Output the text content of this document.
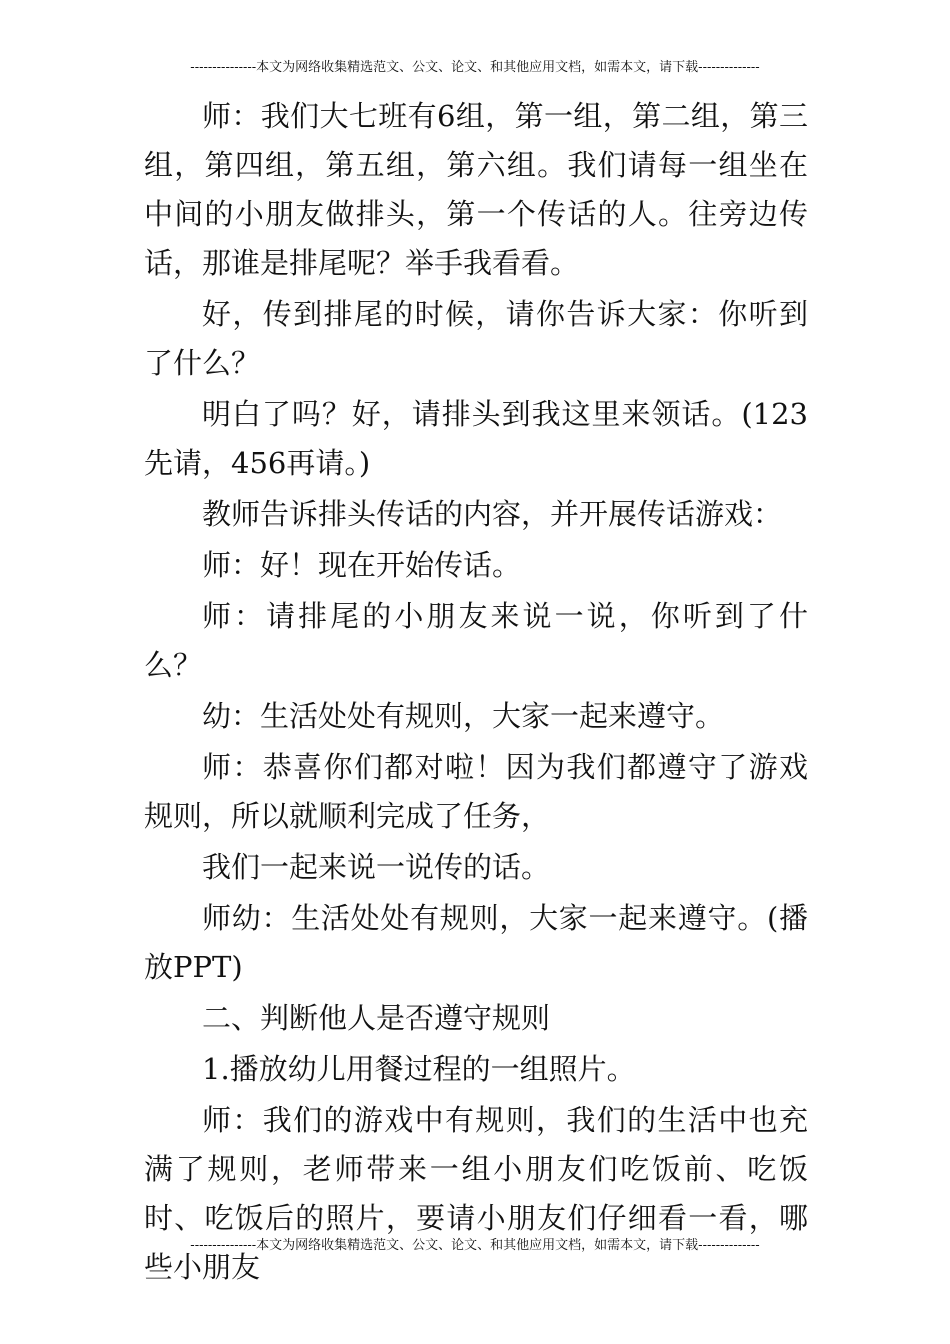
---------------本文为网络收集精选范文、公文、论文、和其他应用文档，如需本文，请下载--------------

师：我们大七班有6组，第一组，第二组，第三组，第四组，第五组，第六组。我们请每一组坐在中间的小朋友做排头，第一个传话的人。往旁边传话，那谁是排尾呢？举手我看看。

好，传到排尾的时候，请你告诉大家：你听到了什么？

明白了吗？好，请排头到我这里来领话。(123先请，456再请。)

教师告诉排头传话的内容，并开展传话游戏：

师：好！现在开始传话。

师：请排尾的小朋友来说一说，你听到了什么？

幼：生活处处有规则，大家一起来遵守。

师：恭喜你们都对啦！因为我们都遵守了游戏规则，所以就顺利完成了任务，

我们一起来说一说传的话。

师幼：生活处处有规则，大家一起来遵守。(播放PPT)

二、判断他人是否遵守规则

1.播放幼儿用餐过程的一组照片。

师：我们的游戏中有规则，我们的生活中也充满了规则，老师带来一组小朋友们吃饭前、吃饭时、吃饭后的照片，要请小朋友们仔细看一看，哪些小朋友

---------------本文为网络收集精选范文、公文、论文、和其他应用文档，如需本文，请下载--------------
